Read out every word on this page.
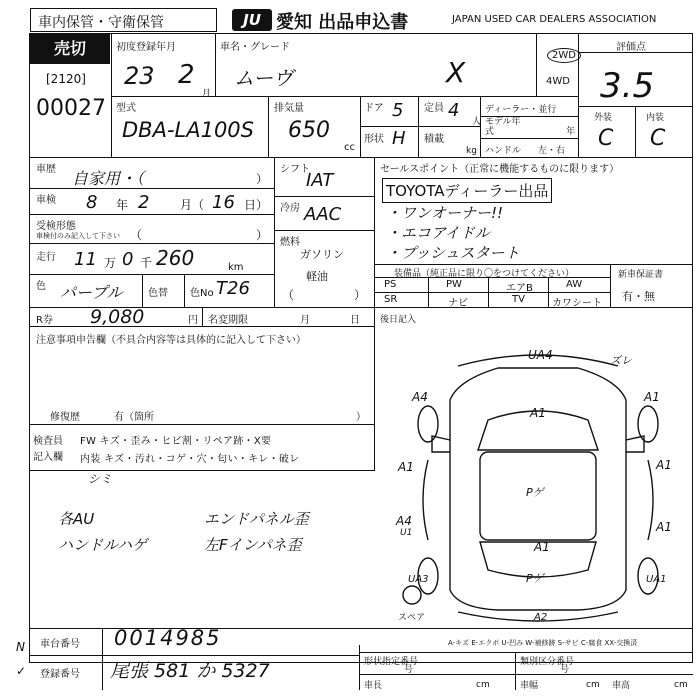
車内保管・守衛保管	JU 愛知 出品申込書	JAPAN USED CAR DEALERS ASSOCIATION
売切
[2120]
00027
初度登録年月
23 2
月
車名・グレード
ムーヴ	X
2WD
4WD
評価点
3.5
外装	内装
C C
型式
DBA-LA100S
排気量
650
cc
ドア 5
形状 H
定員 4
人
積載
kg
ディーラー・並行
モデル年式	年
ハンドル 左・右
車歴 自家用・（	）
車検 8 年 2	月（ 16 日）
受検形態
車検付のみ記入して下さい （	）
走行 11 万 0 千 260	km
色 パープル	色替 色No T26
シフト
IAT
冷房 AAC
燃料
ガソリン
軽油
（	）
セールスポイント（正常に機能するものに限ります）
TOYOTAディーラー出品
・ワンオーナー!!
・エコアイドル
・プッシュスタート
装備品（純正品に限り〇をつけてください）
PS	PW	エアB	AW
SR	ナビ	TV	カワシート
新車保証書
有・無
R券 9,080	円 名変期限	月	日 後日記入
注意事項申告欄（不具合内容等は具体的に記入して下さい）
修復歴	有（箇所	）
検査員
記入欄
FW キズ・歪み・ヒビ割・リペア跡・X要
内装 キズ・汚れ・コゲ・穴・匂い・キレ・破レ
シミ
各AU	エンドパネル歪
ハンドルハゲ	左Fインパネ歪
UA4	ズレ
A4
A1
A1
A1	A1
A1
A4
U1
A1
Pゲ
Pゲ
UA3	UA1
A2
スペア
A-キズ E-エクボ U-凹み W-補修跡 S-サビ C-腐食 XX-交換済
車台番号 0014985
登録番号 尾張 581 か 5327
N
✓
形状指定番号
号
類別区分番号
号
車長	cm	車幅	cm 車高	cm
